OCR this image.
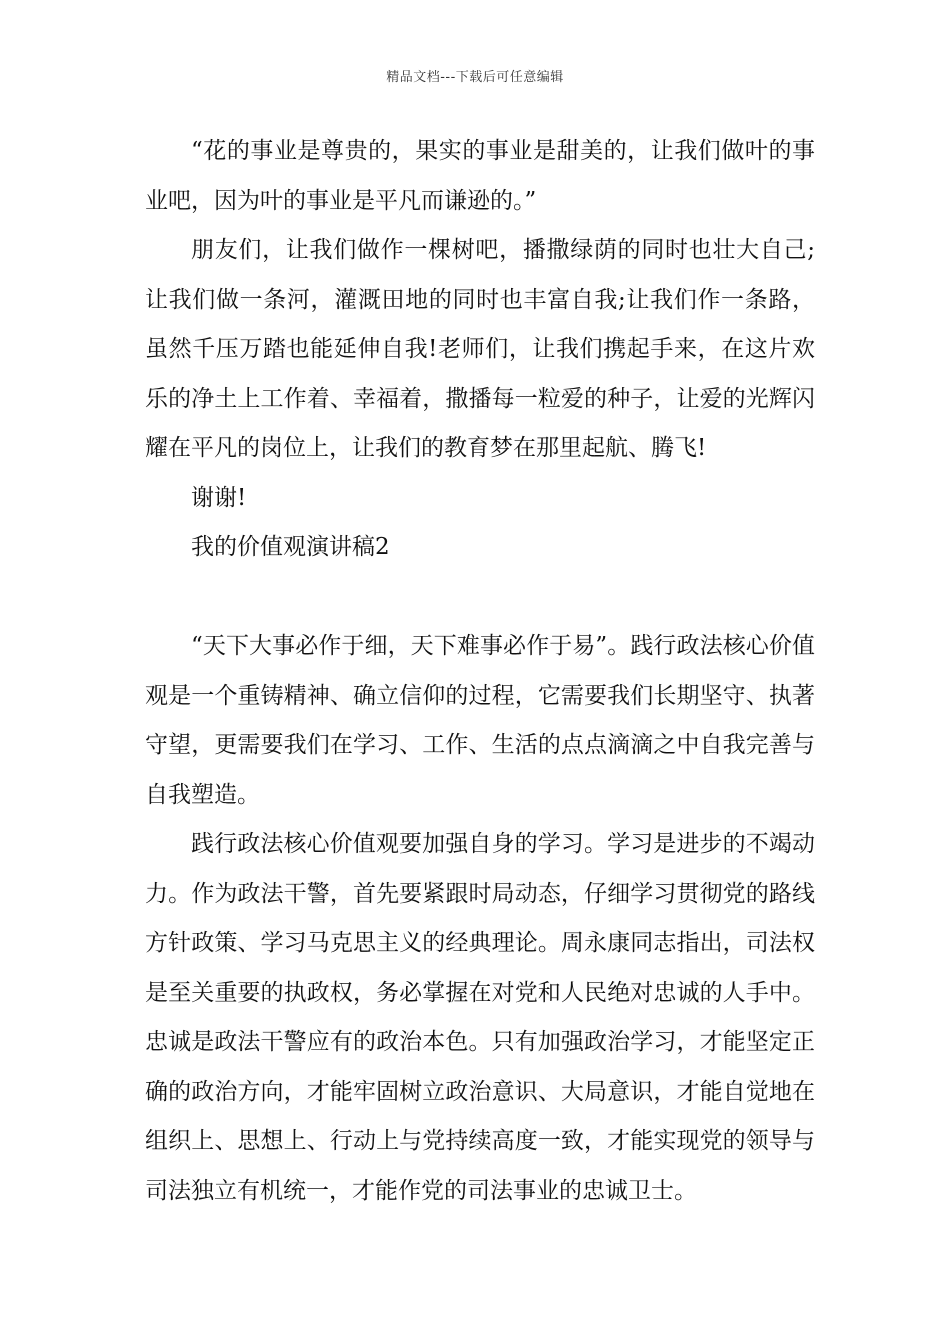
精品文档---下载后可任意编辑

“花的事业是尊贵的，果实的事业是甜美的，让我们做叶的事业吧，因为叶的事业是平凡而谦逊的。”

朋友们，让我们做作一棵树吧，播撒绿荫的同时也壮大自己;让我们做一条河，灌溉田地的同时也丰富自我;让我们作一条路，虽然千压万踏也能延伸自我!老师们，让我们携起手来，在这片欢乐的净土上工作着、幸福着，撒播每一粒爱的种子，让爱的光辉闪耀在平凡的岗位上，让我们的教育梦在那里起航、腾飞!

谢谢!

我的价值观演讲稿2

“天下大事必作于细，天下难事必作于易”。践行政法核心价值观是一个重铸精神、确立信仰的过程，它需要我们长期坚守、执著守望，更需要我们在学习、工作、生活的点点滴滴之中自我完善与自我塑造。

践行政法核心价值观要加强自身的学习。学习是进步的不竭动力。作为政法干警，首先要紧跟时局动态，仔细学习贯彻党的路线方针政策、学习马克思主义的经典理论。周永康同志指出，司法权是至关重要的执政权，务必掌握在对党和人民绝对忠诚的人手中。忠诚是政法干警应有的政治本色。只有加强政治学习，才能坚定正确的政治方向，才能牢固树立政治意识、大局意识，才能自觉地在组织上、思想上、行动上与党持续高度一致，才能实现党的领导与司法独立有机统一，才能作党的司法事业的忠诚卫士。
